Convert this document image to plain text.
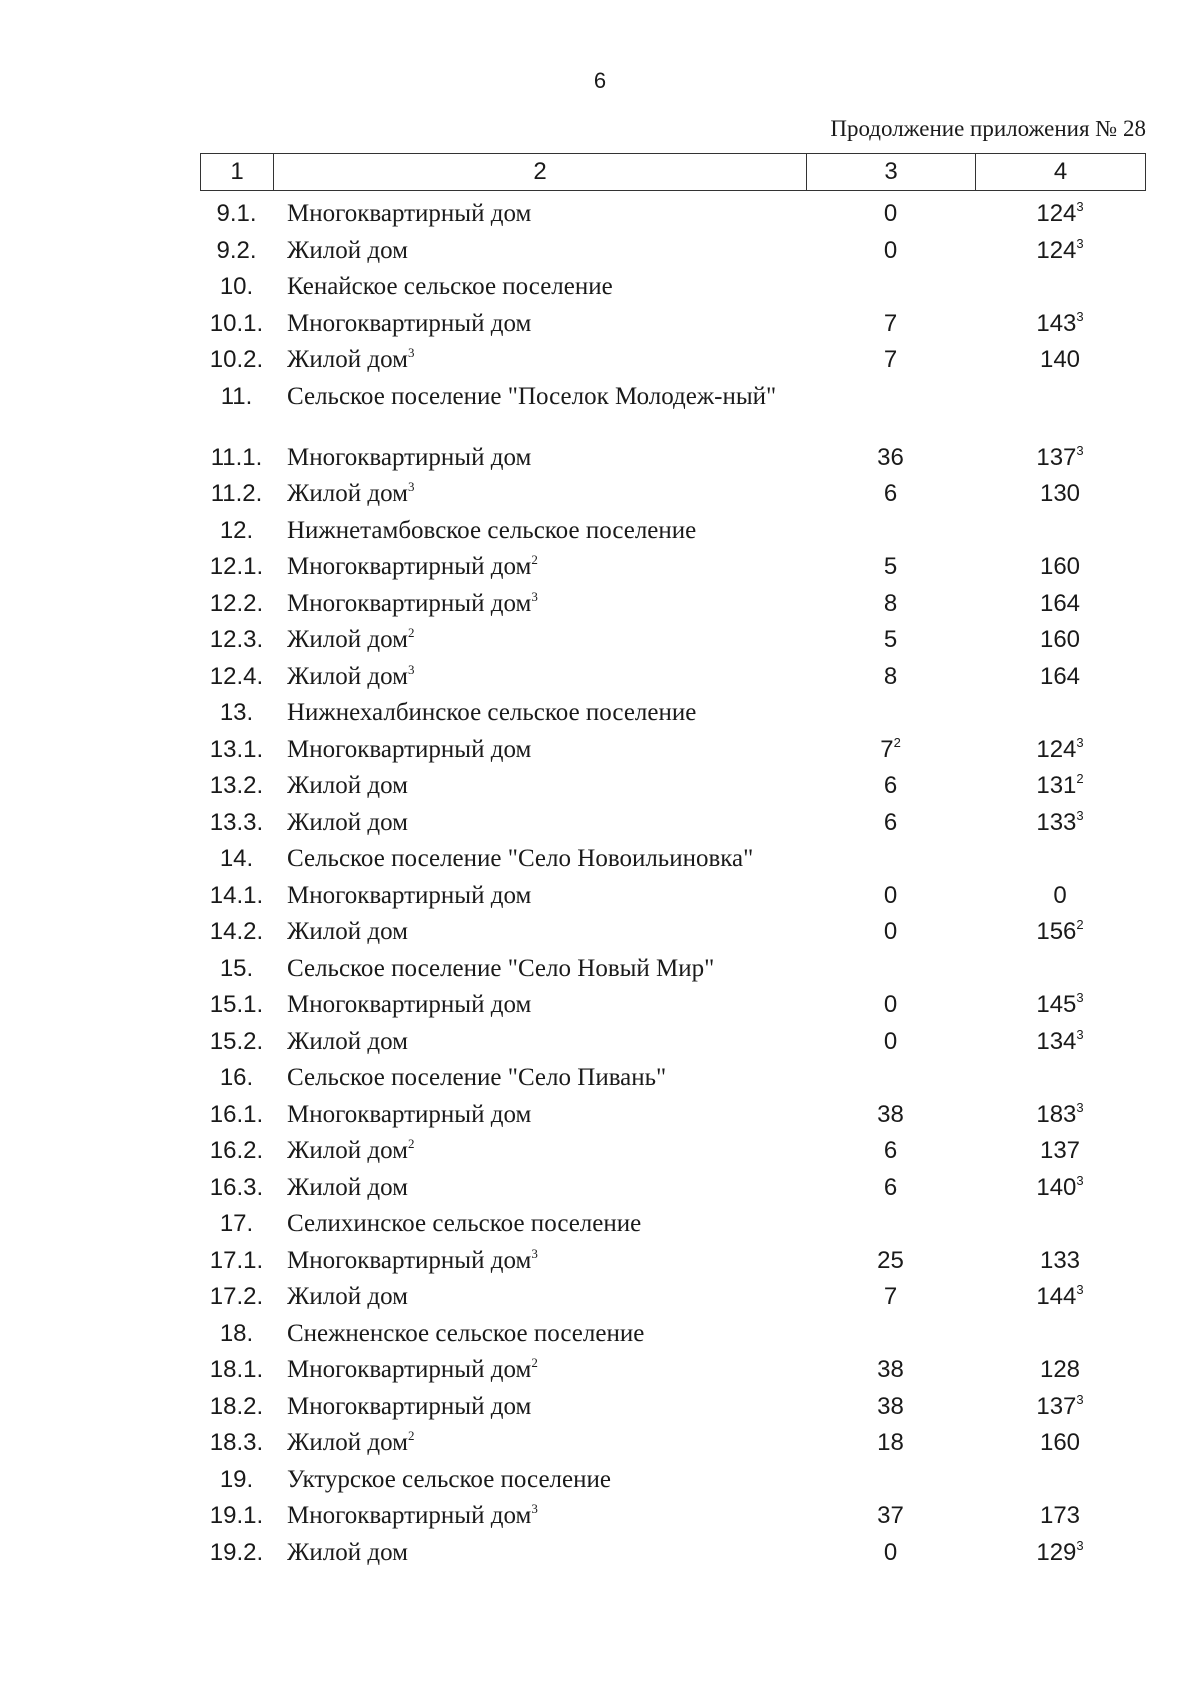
6
Продолжение приложения № 28
1	2	3	4
9.1.	Многоквартирный дом	0	$124^3$
9.2.	Жилой дом	0	$124^3$
10.	Кенайское сельское поселение
10.1. Многоквартирный дом	7	$143^3$
10.2. Жилой дом$^3$	7	140
11.	Сельское поселение "Поселок Молодеж-ный"
11.1. Многоквартирный дом	36	$137^3$
11.2. Жилой дом$^3$	6	130
12.	Нижнетамбовское сельское поселение
12.1. Многоквартирный дом$^2$	5	160
12.2. Многоквартирный дом$^3$	8	164
12.3. Жилой дом$^2$	5	160
12.4. Жилой дом$^3$	8	164
13.	Нижнехалбинское сельское поселение
13.1. Многоквартирный дом	$7^2$	$124^3$
13.2. Жилой дом	6	$131^2$
13.3. Жилой дом	6	$133^3$
14.	Сельское поселение "Село Новоильиновка"
14.1. Многоквартирный дом	0	0
14.2. Жилой дом	0	$156^2$
15.	Сельское поселение "Село Новый Мир"
15.1. Многоквартирный дом	0	$145^3$
15.2. Жилой дом	0	$134^3$
16.	Сельское поселение "Село Пивань"
16.1. Многоквартирный дом	38	$183^3$
16.2. Жилой дом$^2$	6	137
16.3. Жилой дом	6	$140^3$
17.	Селихинское сельское поселение
17.1. Многоквартирный дом$^3$	25	133
17.2. Жилой дом	7	$144^3$
18.	Снежненское сельское поселение
18.1. Многоквартирный дом$^2$	38	128
18.2. Многоквартирный дом	38	$137^3$
18.3. Жилой дом$^2$	18	160
19.	Уктурское сельское поселение
19.1. Многоквартирный дом$^3$	37	173
19.2. Жилой дом	0	$129^3$
